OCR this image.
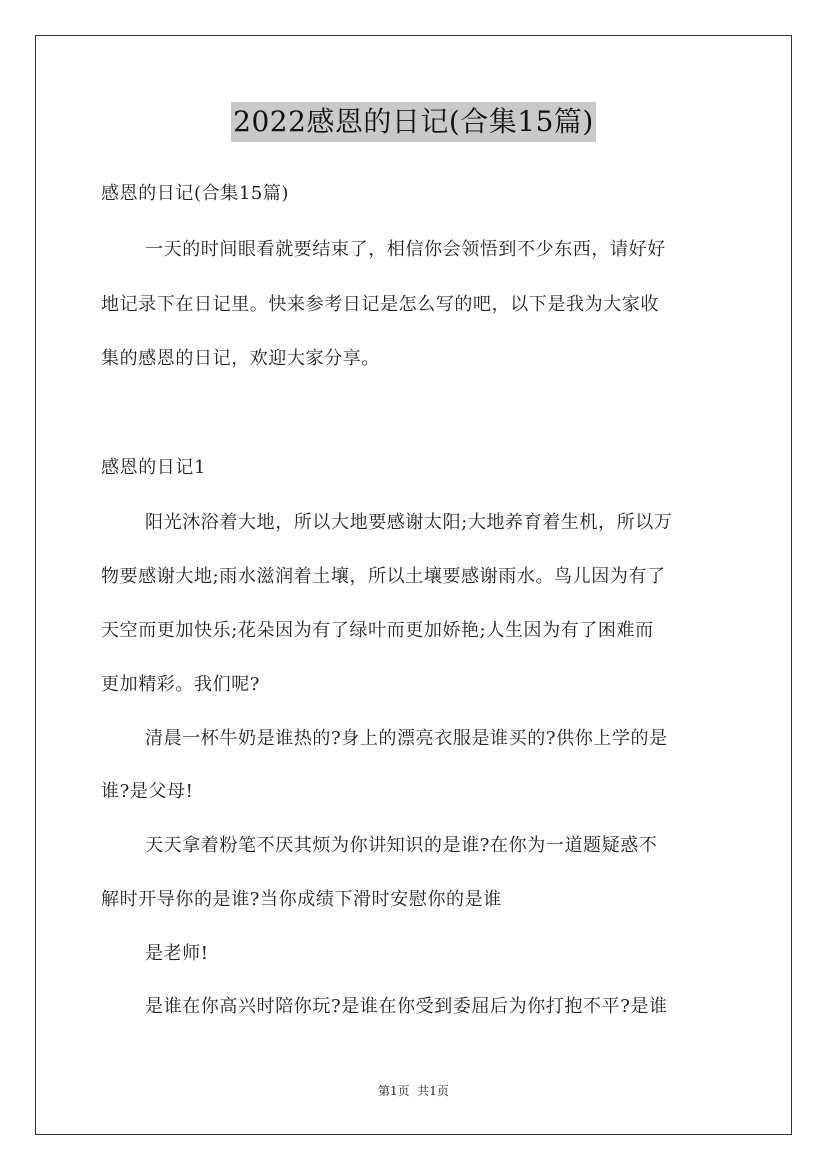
2022感恩的日记(合集15篇)
感恩的日记(合集15篇)
一天的时间眼看就要结束了，相信你会领悟到不少东西，请好好
地记录下在日记里。快来参考日记是怎么写的吧，以下是我为大家收
集的感恩的日记，欢迎大家分享。
感恩的日记1
阳光沐浴着大地，所以大地要感谢太阳;大地养育着生机，所以万
物要感谢大地;雨水滋润着土壤，所以土壤要感谢雨水。鸟儿因为有了
天空而更加快乐;花朵因为有了绿叶而更加娇艳;人生因为有了困难而
更加精彩。我们呢?
清晨一杯牛奶是谁热的?身上的漂亮衣服是谁买的?供你上学的是
谁?是父母!
天天拿着粉笔不厌其烦为你讲知识的是谁?在你为一道题疑惑不
解时开导你的是谁?当你成绩下滑时安慰你的是谁
是老师!
是谁在你高兴时陪你玩?是谁在你受到委屈后为你打抱不平?是谁
第1页  共1页
